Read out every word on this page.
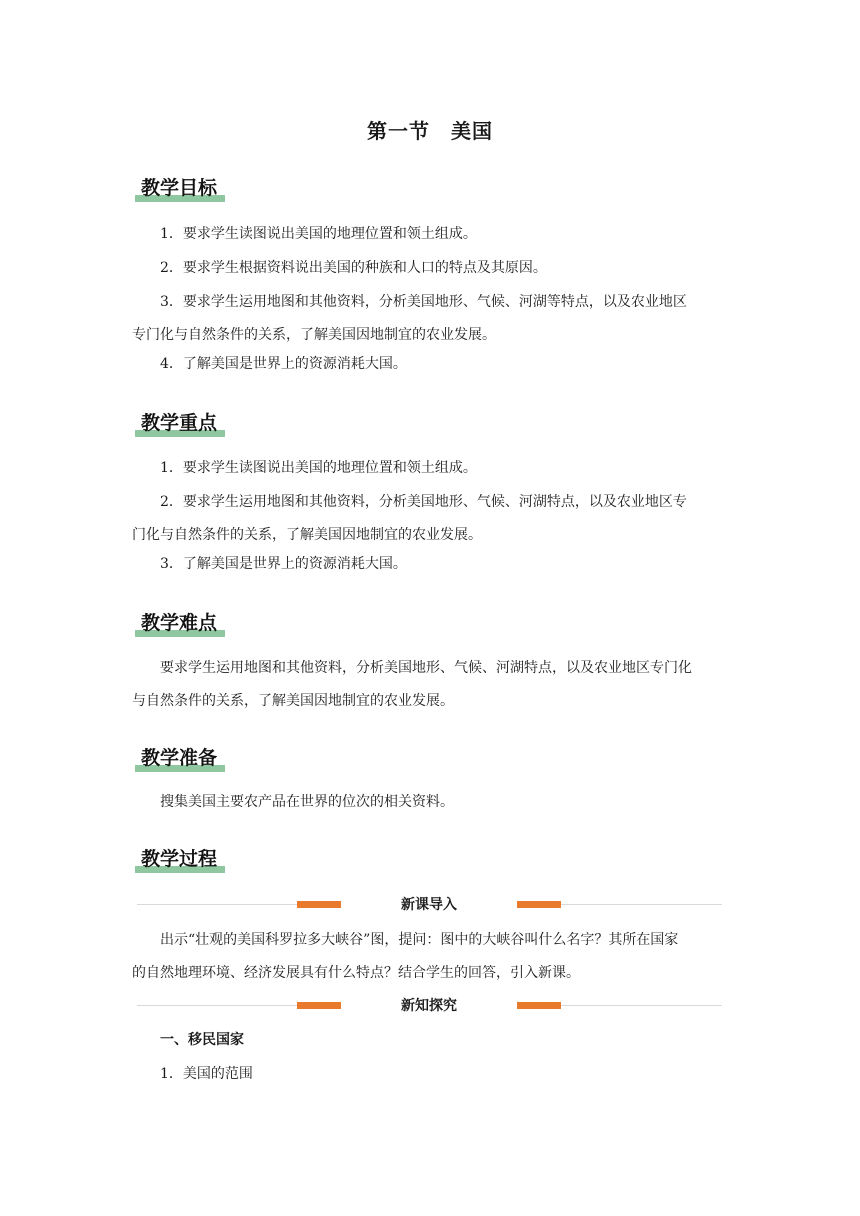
第一节　美国
教学目标
1．要求学生读图说出美国的地理位置和领土组成。
2．要求学生根据资料说出美国的种族和人口的特点及其原因。
3．要求学生运用地图和其他资料，分析美国地形、气候、河湖等特点，以及农业地区
专门化与自然条件的关系，了解美国因地制宜的农业发展。
4．了解美国是世界上的资源消耗大国。
教学重点
1．要求学生读图说出美国的地理位置和领土组成。
2．要求学生运用地图和其他资料，分析美国地形、气候、河湖特点，以及农业地区专
门化与自然条件的关系，了解美国因地制宜的农业发展。
3．了解美国是世界上的资源消耗大国。
教学难点
要求学生运用地图和其他资料，分析美国地形、气候、河湖特点，以及农业地区专门化
与自然条件的关系，了解美国因地制宜的农业发展。
教学准备
搜集美国主要农产品在世界的位次的相关资料。
教学过程
新课导入
出示“壮观的美国科罗拉多大峡谷”图，提问：图中的大峡谷叫什么名字？其所在国家
的自然地理环境、经济发展具有什么特点？结合学生的回答，引入新课。
新知探究
一、移民国家
1．美国的范围
